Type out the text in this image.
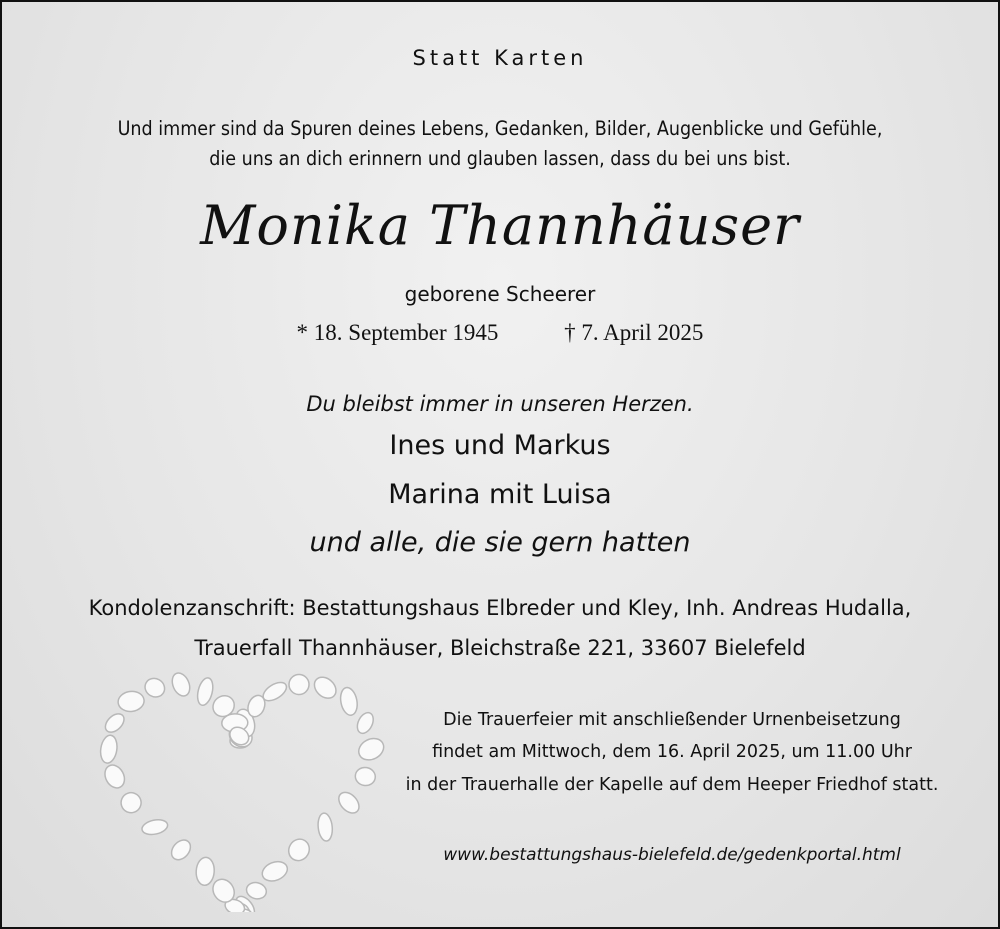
Statt Karten
Und immer sind da Spuren deines Lebens, Gedanken, Bilder, Augenblicke und Gefühle,
die uns an dich erinnern und glauben lassen, dass du bei uns bist.
Monika Thannhäuser
geborene Scheerer
* 18. September 1945	† 7. April 2025
Du bleibst immer in unseren Herzen.
Ines und Markus
Marina mit Luisa
und alle, die sie gern hatten
Kondolenzanschrift: Bestattungshaus Elbreder und Kley, Inh. Andreas Hudalla,
Trauerfall Thannhäuser, Bleichstraße 221, 33607 Bielefeld
Die Trauerfeier mit anschließender Urnenbeisetzung
findet am Mittwoch, dem 16. April 2025, um 11.00 Uhr
in der Trauerhalle der Kapelle auf dem Heeper Friedhof statt.
www.bestattungshaus-bielefeld.de/gedenkportal.html
